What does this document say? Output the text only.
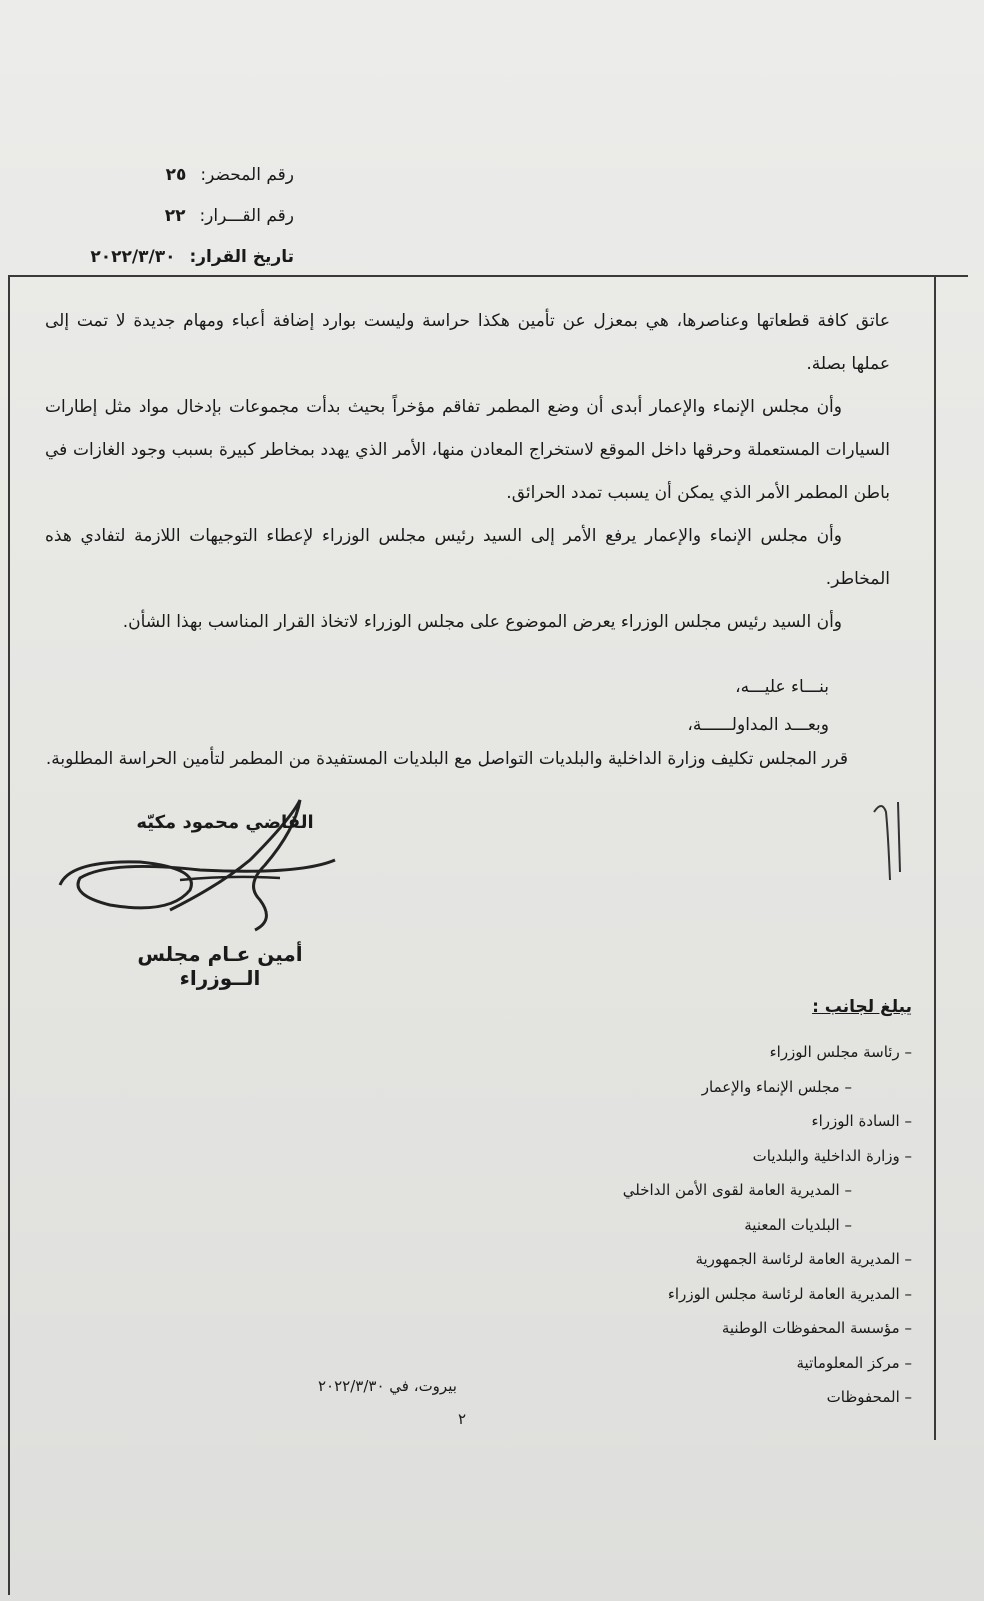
رقم المحضر:٢٥
رقم القـــرار:٢٢
تاريخ القرار:٢٠٢٢/٣/٣٠

عاتق كافة قطعاتها وعناصرها، هي بمعزل عن تأمين هكذا حراسة وليست بوارد إضافة أعباء ومهام جديدة لا تمت إلى عملها بصلة.

وأن مجلس الإنماء والإعمار أبدى أن وضع المطمر تفاقم مؤخراً بحيث بدأت مجموعات بإدخال مواد مثل إطارات السيارات المستعملة وحرقها داخل الموقع لاستخراج المعادن منها، الأمر الذي يهدد بمخاطر كبيرة بسبب وجود الغازات في باطن المطمر الأمر الذي يمكن أن يسبب تمدد الحرائق.

وأن مجلس الإنماء والإعمار يرفع الأمر إلى السيد رئيس مجلس الوزراء لإعطاء التوجيهات اللازمة لتفادي هذه المخاطر.

وأن السيد رئيس مجلس الوزراء يعرض الموضوع على مجلس الوزراء لاتخاذ القرار المناسب بهذا الشأن.

بنـــاء عليـــه،
وبعـــد المداولــــــة،
قرر المجلس تكليف وزارة الداخلية والبلديات التواصل مع البلديات المستفيدة من المطمر لتأمين الحراسة المطلوبة.
القاضي محمود مكيّه
أمين عـام مجلس الــوزراء
يبلغ لجانب :
– رئاسة مجلس الوزراء
– مجلس الإنماء والإعمار
– السادة الوزراء
– وزارة الداخلية والبلديات
– المديرية العامة لقوى الأمن الداخلي
– البلديات المعنية
– المديرية العامة لرئاسة الجمهورية
– المديرية العامة لرئاسة مجلس الوزراء
– مؤسسة المحفوظات الوطنية
– مركز المعلوماتية
– المحفوظات
بيروت، في ٢٠٢٢/٣/٣٠
٢
